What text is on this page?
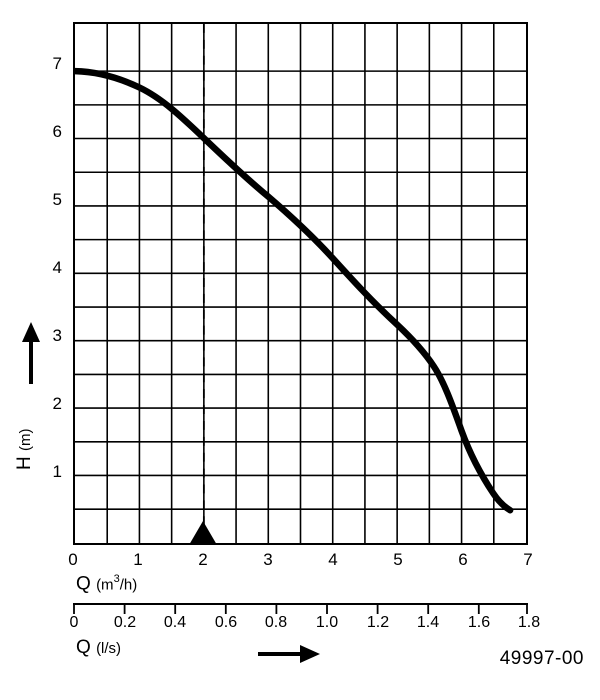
7
6
5
4
3
2
1
0	1	2	3	4	5	6	7
Q $(m^3/h)$
0	0.2	0.4	0.6	0.8	1.0	1.2	1.4	1.6	1.8
Q (l/s)
H (m)
49997-00
